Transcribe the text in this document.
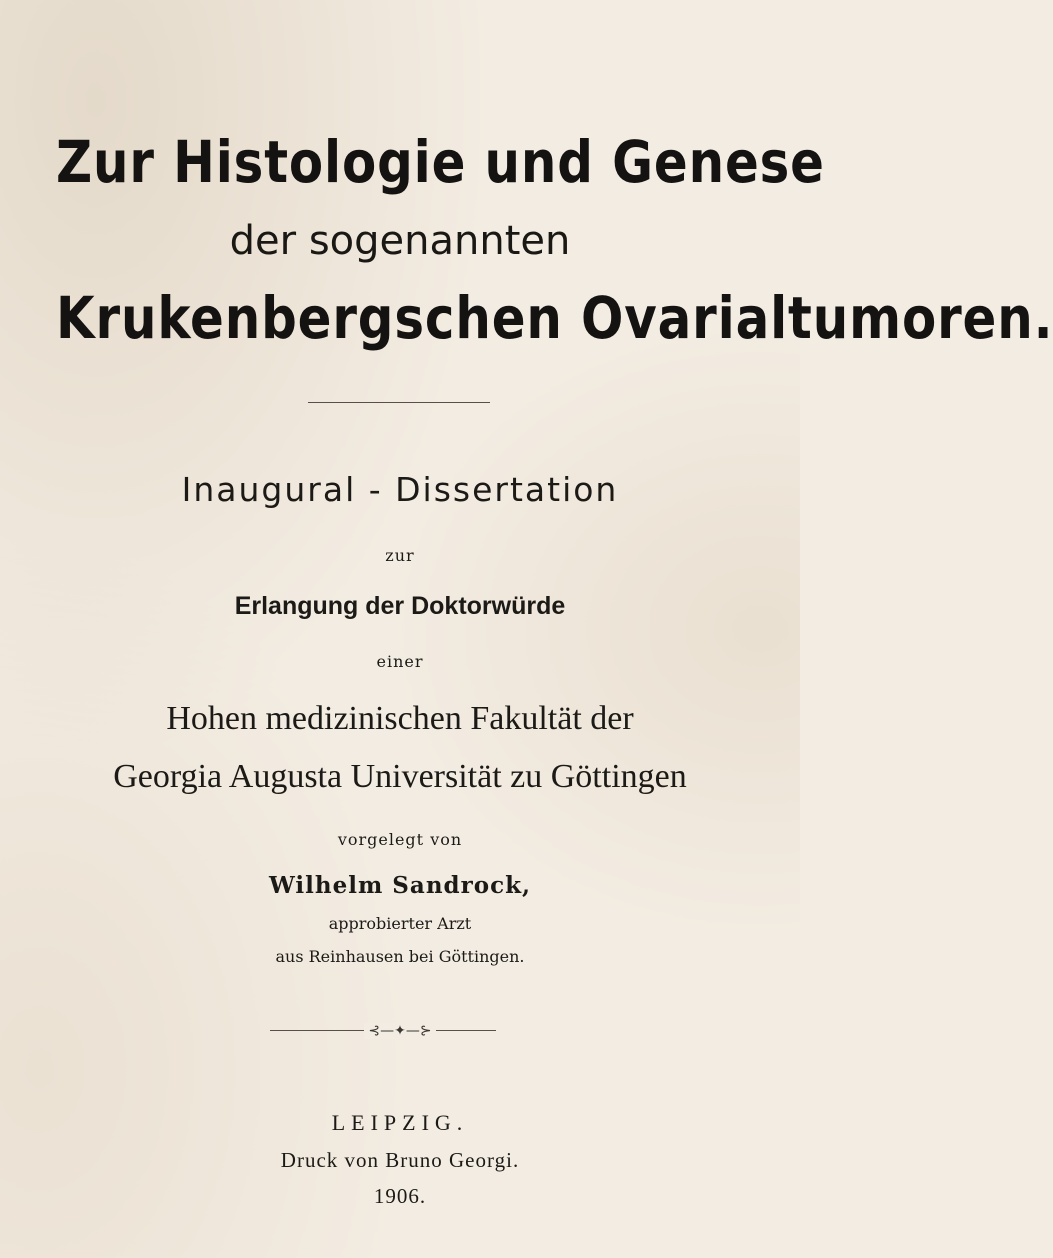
Zur Histologie und Genese
der sogenannten
Krukenbergschen Ovarialtumoren.
Inaugural - Dissertation
zur
Erlangung der Doktorwürde
einer
Hohen medizinischen Fakultät der
Georgia Augusta Universität zu Göttingen
vorgelegt von
Wilhelm Sandrock,
approbierter Arzt
aus Reinhausen bei Göttingen.
⊰—✦—⊱
LEIPZIG.
Druck von Bruno Georgi.
1906.
